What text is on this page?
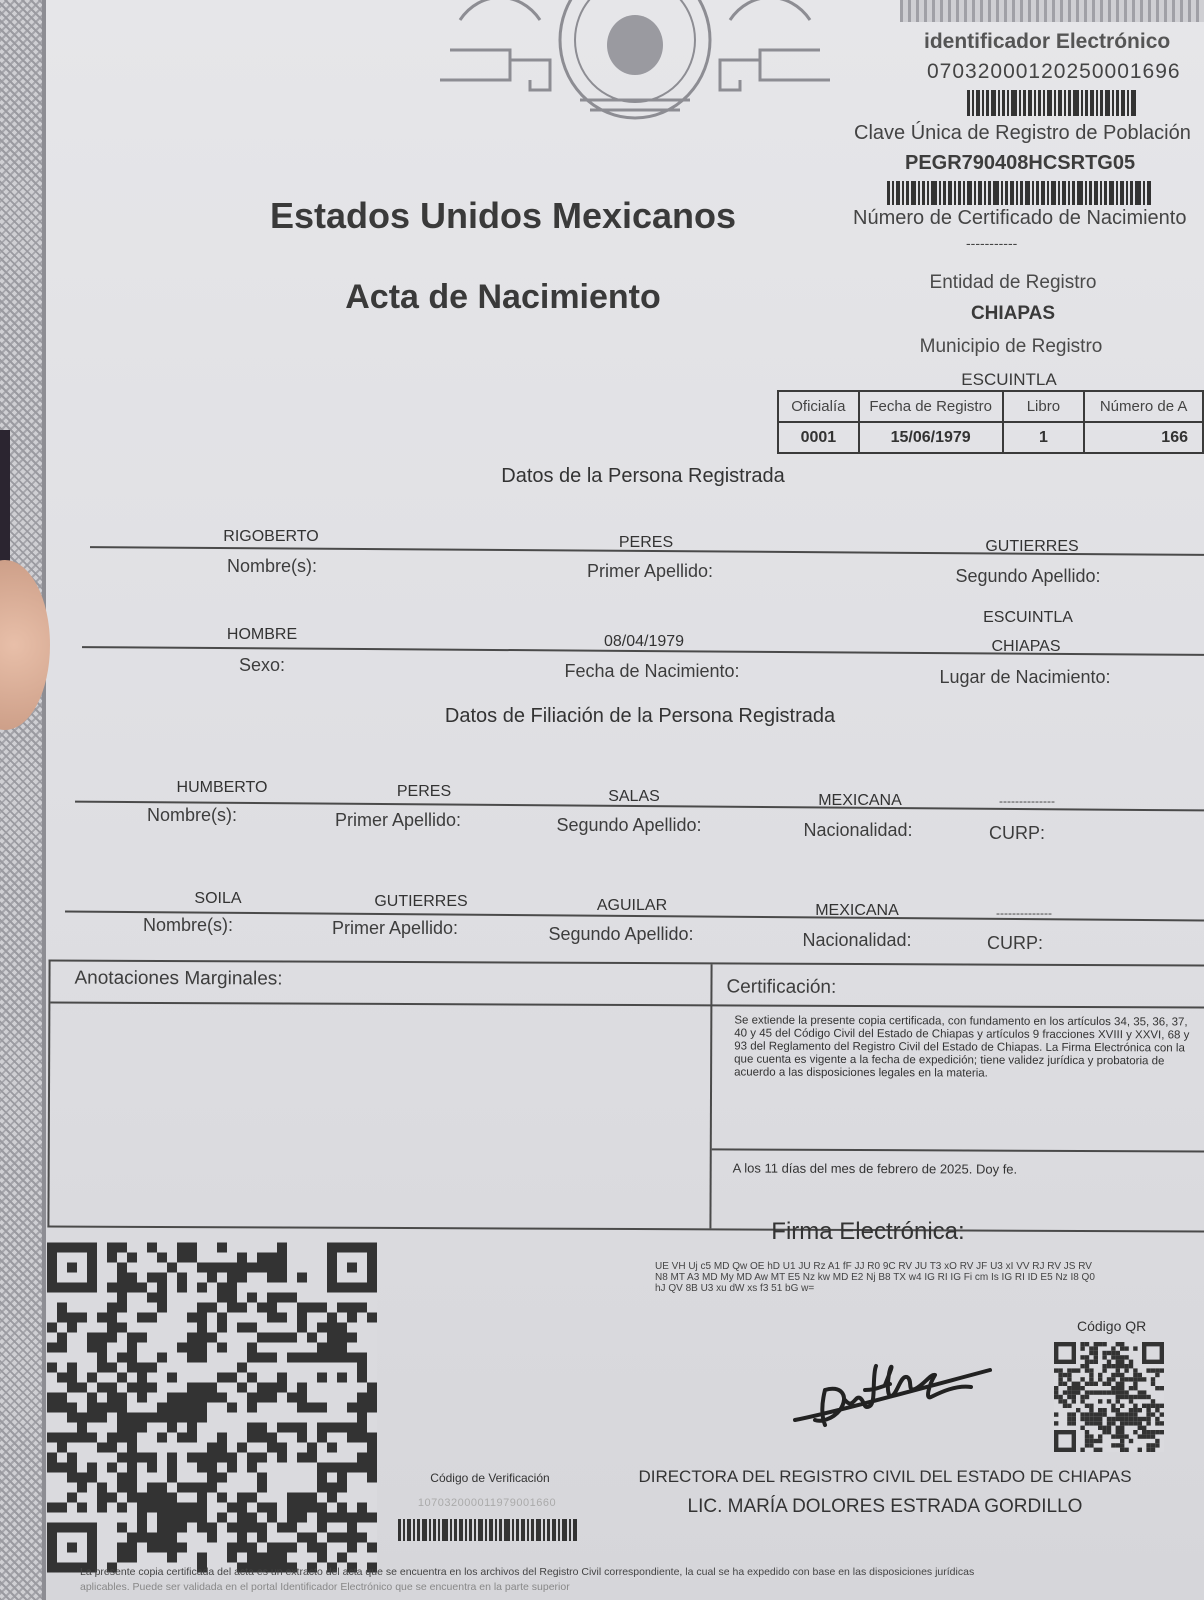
identificador Electrónico
07032000120250001696
Clave Única de Registro de Población
PEGR790408HCSRTG05
Número de Certificado de Nacimiento
-----------
Estados Unidos Mexicanos
Acta de Nacimiento	Entidad de Registro
CHIAPAS
Municipio de Registro
ESCUINTLA
Oficialía	Fecha de Registro	Libro	Número de A
0001	15/06/1979	1	166
Datos de la Persona Registrada
RIGOBERTO	PERES	GUTIERRES
Nombre(s):	Primer Apellido:	Segundo Apellido:
ESCUINTLA
HOMBRE	08/04/1979	CHIAPAS
Sexo:	Fecha de Nacimiento:	Lugar de Nacimiento:
Datos de Filiación de la Persona Registrada
HUMBERTO	PERES	SALAS	MEXICANA	--------------
Nombre(s):	Primer Apellido:	Segundo Apellido:	Nacionalidad:	CURP:
SOILA	GUTIERRES	AGUILAR	MEXICANA	--------------
Nombre(s):	Primer Apellido:	Segundo Apellido:	Nacionalidad:	CURP:
Anotaciones Marginales:	Certificación:
Se extiende la presente copia certificada, con fundamento en los artículos 34, 35, 36, 37, 40 y 45 del Código Civil del Estado de Chiapas y artículos 9 fracciones XVIII y XXVI, 68 y 93 del Reglamento del Registro Civil del Estado de Chiapas. La Firma Electrónica con la que cuenta es vigente a la fecha de expedición; tiene validez jurídica y probatoria de acuerdo a las disposiciones legales en la materia.
A los 11 días del mes de febrero de 2025. Doy fe.
Firma Electrónica:
UE VH Uj c5 MD Qw OE hD U1 JU Rz A1 fF JJ R0 9C RV JU T3 xO RV JF U3 xI VV RJ RV JS RV N8 MT A3 MD My MD Aw MT E5 Nz kw MD E2 Nj B8 TX w4 IG RI IG Fi cm Is IG RI ID E5 Nz I8 Q0 hJ QV 8B U3 xu dW xs f3 51 bG w=
Código QR
Código de Verificación
107032000011979001660
DIRECTORA DEL REGISTRO CIVIL DEL ESTADO DE CHIAPAS
LIC. MARÍA DOLORES ESTRADA GORDILLO
La presente copia certificada del acta es un extracto del acta que se encuentra en los archivos del Registro Civil correspondiente, la cual se ha expedido con base en las disposiciones jurídicas
aplicables. Puede ser validada en el portal Identificador Electrónico que se encuentra en la parte superior
